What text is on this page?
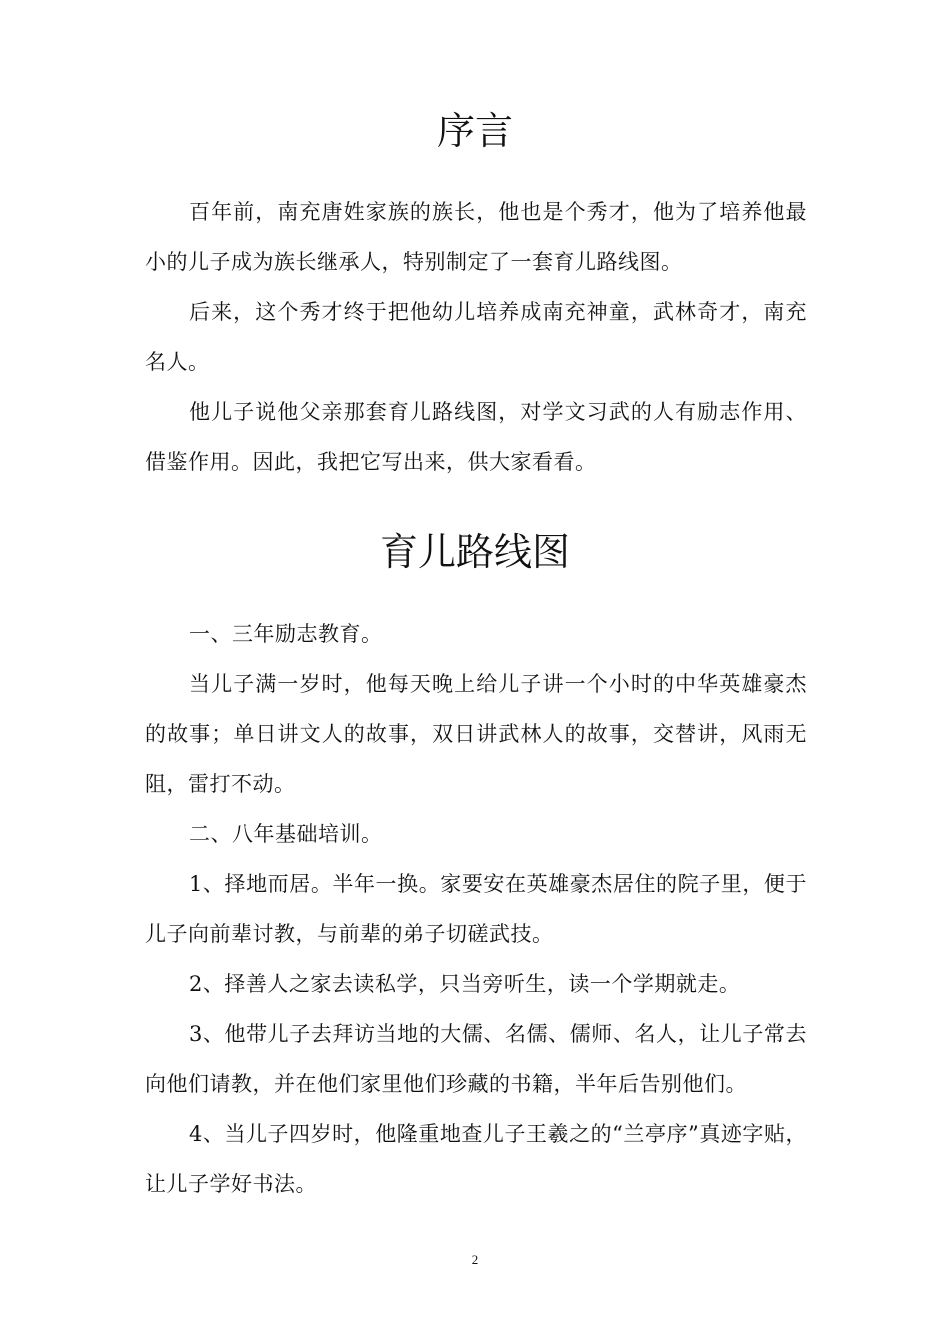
序言

百年前，南充唐姓家族的族长，他也是个秀才，他为了培养他最小的儿子成为族长继承人，特别制定了一套育儿路线图。

后来，这个秀才终于把他幼儿培养成南充神童，武林奇才，南充名人。

他儿子说他父亲那套育儿路线图，对学文习武的人有励志作用、借鉴作用。因此，我把它写出来，供大家看看。

育儿路线图

一、三年励志教育。

当儿子满一岁时，他每天晚上给儿子讲一个小时的中华英雄豪杰的故事；单日讲文人的故事，双日讲武林人的故事，交替讲，风雨无阻，雷打不动。

二、八年基础培训。

1、择地而居。半年一换。家要安在英雄豪杰居住的院子里，便于儿子向前辈讨教，与前辈的弟子切磋武技。

2、择善人之家去读私学，只当旁听生，读一个学期就走。

3、他带儿子去拜访当地的大儒、名儒、儒师、名人，让儿子常去向他们请教，并在他们家里他们珍藏的书籍，半年后告别他们。

4、当儿子四岁时，他隆重地查儿子王羲之的“兰亭序”真迹字贴，让儿子学好书法。

2
